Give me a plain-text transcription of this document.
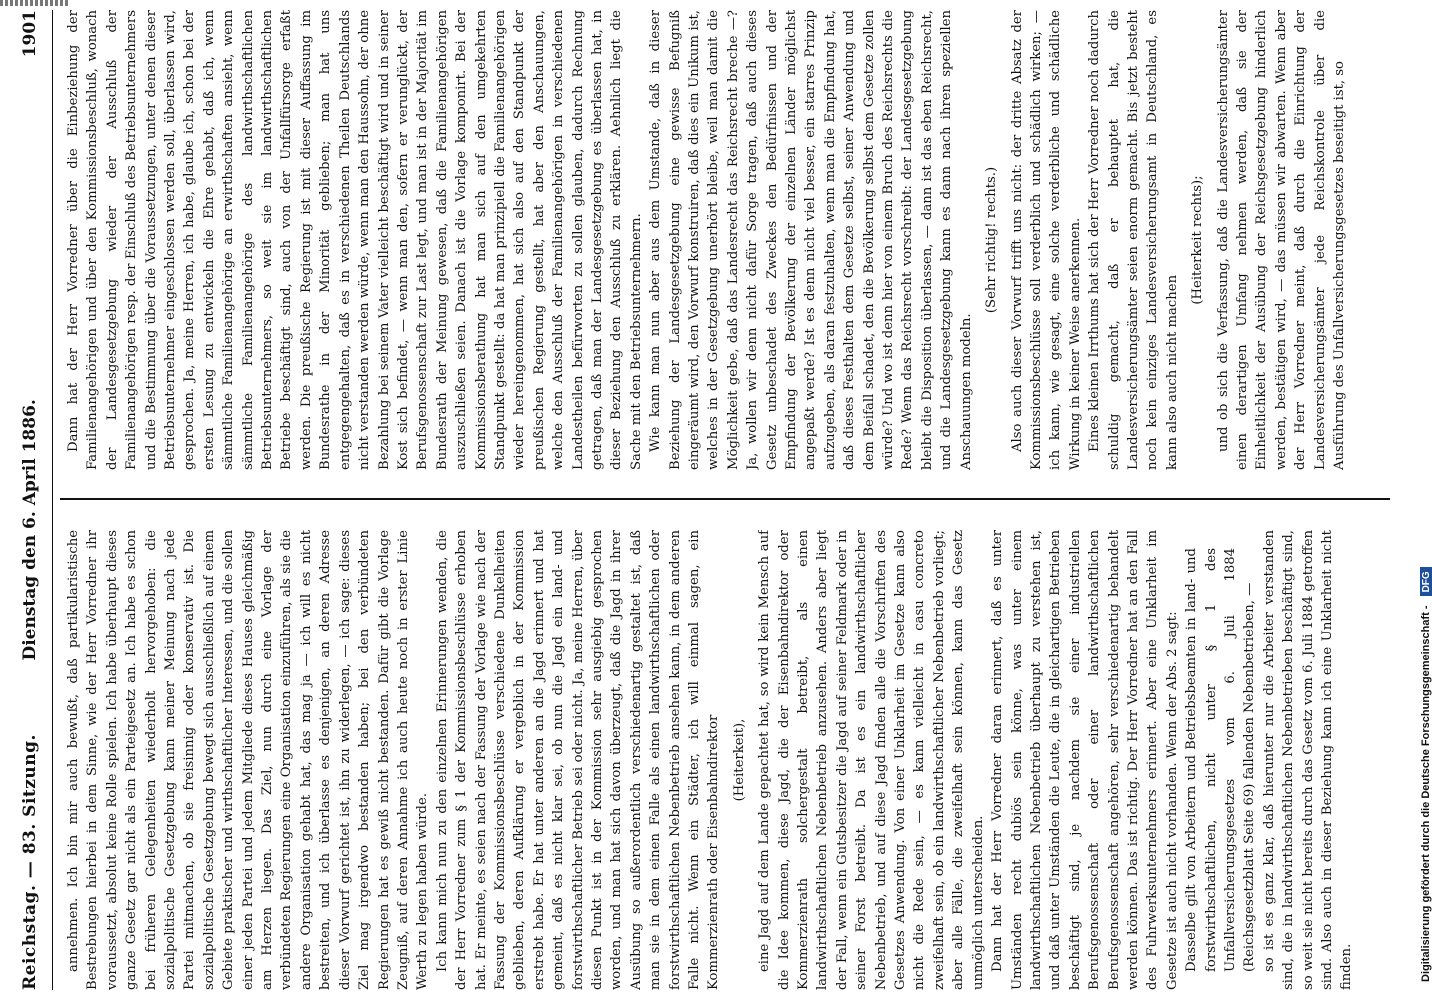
Reichstag. — 83. Sitzung.
Dienstag den 6. April 1886.  1901

annehmen. Ich bin mir auch bewußt, daß partikularistische Bestrebungen hierbei in dem Sinne, wie der Herr Vorredner ihr voraussetzt, absolut keine Rolle spielen. Ich habe überhaupt dieses ganze Gesetz gar nicht als ein Parteigesetz an. Ich habe es schon bei früheren Gelegenheiten wiederholt hervorgehoben: die sozialpolitische Gesetzgebung kann meiner Meinung nach jede Partei mitmachen, ob sie freisinnig oder konservativ ist. Die sozialpolitische Gesetzgebung bewegt sich ausschließlich auf einem Gebiete praktischer und wirthschaftlicher Interessen, und die sollen einer jeden Partei und jedem Mitgliede dieses Hauses gleichmäßig am Herzen liegen. Das Ziel, nun durch eine Vorlage der verbündeten Regierungen eine Organisation einzuführen, als sie die andere Organisation gehabt hat, das mag ja — ich will es nicht bestreiten, und ich überlasse es denjenigen, an deren Adresse dieser Vorwurf gerichtet ist, ihn zu widerlegen, — ich sage: dieses Ziel mag irgendwo bestanden haben; bei den verbündeten Regierungen hat es gewiß nicht bestanden. Dafür gibt die Vorlage Zeugniß, auf deren Annahme ich auch heute noch in erster Linie Werth zu legen haben würde. Ich kann mich nun zu den einzelnen Erinnerungen wenden, die der Herr Vorredner zum § 1 der Kommissionsbeschlüsse erhoben hat. Er meinte, es seien nach der Fassung der Vorlage wie nach der Fassung der Kommissionsbeschlüsse verschiedene Dunkelheiten geblieben, deren Aufklärung er vergeblich in der Kommission erstrebt habe. Er hat unter anderen an die Jagd erinnert und hat gemeint, daß es nicht klar sei, ob nun die Jagd ein land- und forstwirthschaftlicher Betrieb sei oder nicht. Ja, meine Herren, über diesen Punkt ist in der Kommission sehr ausgiebig gesprochen worden, und man hat sich davon überzeugt, daß die Jagd in ihrer Ausübung so außerordentlich verschiedenartig gestaltet ist, daß man sie in dem einen Falle als einen landwirthschaftlichen oder forstwirthschaftlichen Nebenbetrieb ansehen kann, in dem anderen Falle nicht. Wenn ein Städter, ich will einmal sagen, ein Kommerzienrath oder Eisenbahndirektor (Heiterkeit), eine Jagd auf dem Lande gepachtet hat, so wird kein Mensch auf die Idee kommen, diese Jagd, die der Eisenbahndirektor oder Kommerzienrath solchergestalt betreibt, als einen landwirthschaftlichen Nebenbetrieb anzusehen. Anders aber liegt der Fall, wenn ein Gutsbesitzer die Jagd auf seiner Feldmark oder in seiner Forst betreibt. Da ist es ein landwirthschaftlicher Nebenbetrieb, und auf diese Jagd finden alle die Vorschriften des Gesetzes Anwendung. Von einer Unklarheit im Gesetze kann also nicht die Rede sein, — es kann vielleicht in casu concreto zweifelhaft sein, ob ein landwirthschaftlicher Nebenbetrieb vorliegt; aber alle Fälle, die zweifelhaft sein können, kann das Gesetz unmöglich unterscheiden. Dann hat der Herr Vorredner daran erinnert, daß es unter Umständen recht dubiös sein könne, was unter einem landwirthschaftlichen Nebenbetrieb überhaupt zu verstehen ist, und daß unter Umständen die Leute, die in gleichartigen Betrieben beschäftigt sind, je nachdem sie einer industriellen Berufsgenossenschaft oder einer landwirthschaftlichen Berufsgenossenschaft angehören, sehr verschiedenartig behandelt werden können. Das ist richtig. Der Herr Vorredner hat an den Fall des Fuhrwerksunternehmers erinnert. Aber eine Unklarheit im Gesetze ist auch nicht vorhanden. Wenn der Abs. 2 sagt: Dasselbe gilt von Arbeitern und Betriebsbeamten in land- und forstwirthschaftlichen, nicht unter § 1 des Unfallversicherungsgesetzes vom 6. Juli 1884 (Reichsgesetzblatt Seite 69) fallenden Nebenbetrieben, — so ist es ganz klar, daß hierunter nur die Arbeiter verstanden sind, die in landwirthschaftlichen Nebenbetrieben beschäftigt sind, so weit sie nicht bereits durch das Gesetz vom 6. Juli 1884 getroffen sind. Also auch in dieser Beziehung kann ich eine Unklarheit nicht finden.

Dann hat der Herr Vorredner über die Einbeziehung der Familienangehörigen und über den Kommissionsbeschluß, wonach der Landesgesetzgebung wieder der Ausschluß der Familienangehörigen resp. der Einschluß des Betriebsunternehmers und die Bestimmung über die Voraussetzungen, unter denen dieser Betriebsunternehmer eingeschlossen werden soll, überlassen wird, gesprochen. Ja, meine Herren, ich habe, glaube ich, schon bei der ersten Lesung zu entwickeln die Ehre gehabt, daß ich, wenn sämmtliche Familienangehörige an erwirthschaften ansieht, wenn sämmtliche Familienangehörige des landwirthschaftlichen Betriebsunternehmers, so weit sie im landwirthschaftlichen Betriebe beschäftigt sind, auch von der Unfallfürsorge erfaßt werden. Die preußische Regierung ist mit dieser Auffassung im Bundesrathe in der Minorität geblieben; man hat uns entgegengehalten, daß es in verschiedenen Theilen Deutschlands nicht verstanden werden würde, wenn man den Haussohn, der ohne Bezahlung bei seinem Vater vielleicht beschäftigt wird und in seiner Kost sich befindet, — wenn man den, sofern er verunglückt, der Berufsgenossenschaft zur Last legt, und man ist in der Majorität im Bundesrath der Meinung gewesen, daß die Familienangehörigen auszuschließen seien. Danach ist die Vorlage komponirt. Bei der Kommissionsberathung hat man sich auf den umgekehrten Standpunkt gestellt: da hat man prinzipiell die Familienangehörigen wieder hereingenommen, hat sich also auf den Standpunkt der preußischen Regierung gestellt, hat aber den Anschauungen, welche den Ausschluß der Familienangehörigen in verschiedenen Landestheilen befürworten zu sollen glauben, dadurch Rechnung getragen, daß man der Landesgesetzgebung es überlassen hat, in dieser Beziehung den Ausschluß zu erklären. Aehnlich liegt die Sache mit den Betriebsunternehmern. Wie kann man nun aber aus dem Umstande, daß in dieser Beziehung der Landesgesetzgebung eine gewisse Befugniß eingeräumt wird, den Vorwurf konstruiren, daß dies ein Unikum ist, welches in der Gesetzgebung unerhört bleibe, weil man damit die Möglichkeit gebe, daß das Landesrecht das Reichsrecht breche —? Ja, wollen wir denn nicht dafür Sorge tragen, daß auch dieses Gesetz unbeschadet des Zweckes den Bedürfnissen und der Empfindung der Bevölkerung der einzelnen Länder möglichst angepaßt werde? Ist es denn nicht viel besser, ein starres Prinzip aufzugeben, als daran festzuhalten, wenn man die Empfindung hat, daß dieses Festhalten dem Gesetze selbst, seiner Anwendung und dem Beifall schadet, den die Bevölkerung selbst dem Gesetze zollen würde? Und wo ist denn hier von einem Bruch des Reichsrechts die Rede? Wenn das Reichsrecht vorschreibt: der Landesgesetzgebung bleibt die Disposition überlassen, — dann ist das eben Reichsrecht, und die Landesgesetzgebung kann es dann nach ihren speziellen Anschauungen modeln.

(Sehr richtig! rechts.) Also auch dieser Vorwurf trifft uns nicht: der dritte Absatz der Kommissionsbeschlüsse soll verderblich und schädlich wirken; — ich kann, wie gesagt, eine solche verderbliche und schädliche Wirkung in keiner Weise anerkennen. Eines kleinen Irrthums hat sich der Herr Vorredner noch dadurch schuldig gemacht, daß er behauptet hat, die Landesversicherungsämter seien enorm gemacht. Bis jetzt besteht noch kein einziges Landesversicherungsamt in Deutschland, es kann also auch nicht machen

(Heiterkeit rechts); und ob sich die Verfassung, daß die Landesversicherungsämter einen derartigen Umfang nehmen werden, daß sie der Einheitlichkeit der Ausübung der Reichsgesetzgebung hinderlich werden, bestätigen wird, — das müssen wir abwarten. Wenn aber der Herr Vorredner meint, daß durch die Einrichtung der Landesversicherungsämter jede Reichskontrole über die Ausführung des Unfallversicherungsgesetzes beseitigt ist, so

Digitalisierung gefördert durch die Deutsche Forschungsgemeinschaft - DFG
